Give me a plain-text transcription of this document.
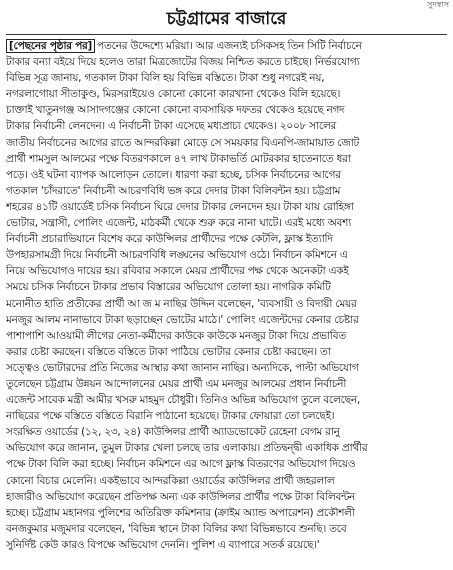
সুদস্বাস
চট্টগ্রামের বাজারে
[পেছনের পৃষ্ঠার পর] পতনের উদ্দেশ্যে মরিয়া। আর এজন্যই চসিকসহ তিন সিটি নির্বাচনে
টাকার বন্যা বইয়ে দিয়ে হলেও তারা মিত্রজোটের বিজয় নিশ্চিত করতে চাইছে। নির্ভরযোগ্য
বিভিন্ন সূত্র জানায়, গতকাল টাকা বিলি হয় বিভিন্ন বস্তিতে। টাকা শুধু নগরেই নয়,
নগরলাগোয়া সীতাকুণ্ড, মিরসরাইয়েও কোনো কোনো কারখানা থেকেও বিলি হয়েছে।
চাক্তাই খাতুনগঞ্জ আসাদগঞ্জের কোনো কোনো ব্যবসায়িক দফতর থেকেও হয়েছে নগদ
টাকার নির্বাচনী লেনদেন। এ নির্বাচনী টাকা এসেছে মধ্যপ্রাচ্য থেকেও। ২০০৮ সালের
জাতীয় নির্বাচনের আগের রাতে আন্দরকিল্লা মোড়ে সে সময়কার বিএনপি-জামায়াত জোট
প্রার্থী শামসুল আলমের পক্ষে বিতরণকালে ৪৭ লাখ টাকাভর্তি মোটরকার হাতেনাতে ধরা
পড়ে। ওই ঘটনা ব্যাপক আলোড়ন তোলে। ধারণা করা হচ্ছে, চসিক নির্বাচনের আগের
গতকাল 'চাঁদরাতে' নির্বাচনী আচরণবিধি ভঙ্গ করে দেদার টাকা বিলিবন্টন হয়। চট্টগ্রাম
শহরের ৪১টি ওয়ার্ডেই চসিক নির্বাচন ঘিরে দেদার টাকার লেনদেন হয়। টাকা যায় রোহিঙ্গা
ভোটার, সন্ত্রাসী, পোলিং এজেন্ট, মাঠকর্মী থেকে শুরু করে নানা ঘাটে। এরই মধ্যে অবশ্য
নির্বাচনী প্রচারাভিযানে বিশেষ করে কাউন্সিলর প্রার্থীদের পক্ষে কেটলি, ফ্লাস্ক ইত্যাদি
উপহারসামগ্রী দিয়ে নির্বাচনী আচরণবিধি লঙ্ঘনের অভিযোগ ওঠে। নির্বাচন কমিশনে এ
নিয়ে অভিযোগও দায়ের হয়। রবিবার সকালে মেয়র প্রার্থীদের পক্ষ থেকে অনেকটা একই
সময়ে চসিক নির্বাচনে টাকার প্রভাব বিস্তারের অভিযোগ তোলা হয়। নাগরিক কমিটি
মনোনীত হাতি প্রতীকের প্রার্থী আ জ ম নাছির উদ্দিন বলেছেন, 'ব্যবসায়ী ও বিদায়ী মেয়র
মনজুর আলম নানাভাবে টাকা ছড়াচ্ছেন ভোটের মাঠে।' পোলিং এজেন্টদের কেনার চেষ্টার
পাশাপাশি আওয়ামী লীগের নেতা-কর্মীদের কাউকে কাউকে মনজুর টাকা দিয়ে প্রভাবিত
করার চেষ্টা করছেন। বস্তিতে বস্তিতে টাকা পাঠিয়ে ভোটার কেনার চেষ্টা করছেন। তা
সত্ত্বেও ভোটারদের প্রতি নিজের আস্থার কথা জানান নাছির। অন্যদিকে, পাল্টা অভিযোগ
তুলেছেন চট্টগ্রাম উন্নয়ন আন্দোলনের মেয়র প্রার্থী এম মনজুর আলমের প্রধান নির্বাচনী
এজেন্ট সাবেক মন্ত্রী আমীর খসরু মাহমুদ চৌধুরী। তিনিও অভিন্ন অভিযোগ তুলে বলেছেন,
নাছিরের পক্ষে বস্তিতে বস্তিতে বিরানি পাঠানো হয়েছে। টাকার ফোয়ারা তো চলছেই।
সংরক্ষিত ওয়ার্ডের (১২, ২৩, ২৪) কাউন্সিলর প্রার্থী অ্যাডভোকেট রেহেনা বেগম রানু
অভিযোগ করে জানান, তুমুল টাকার খেলা চলছে তার এলাকায়। প্রতিদ্বন্দ্বী একাধিক প্রার্থীর
পক্ষে টাকা বিলি করা হচ্ছে। নির্বাচন কমিশনে এর আগে ফ্লাস্ক বিতরণের অভিযোগ দিয়েও
কোনো বিচার মেলেনি। একইভাবে আন্দরকিল্লা ওয়ার্ডের কাউন্সিলর প্রার্থী জহরলাল
হাজারীও অভিযোগ করেছেন প্রতিপক্ষ অন্য এক কাউন্সিলর প্রার্থীর পক্ষে টাকা বিলিবন্টন
হচ্ছে। চট্টগ্রাম মহানগর পুলিশের অতিরিক্ত কমিশনার (ক্রাইম অ্যান্ড অপারেশন) প্রকৌশলী
বনজকুমার মজুমদার বলেছেন, 'বিভিন্ন স্থানে টাকা বিলির কথা বিভিন্নভাবে শুনছি। তবে
সুনির্দিষ্ট কেউ কারও বিপক্ষে অভিযোগ দেননি। পুলিশ এ ব্যাপারে সতর্ক রয়েছে।'
